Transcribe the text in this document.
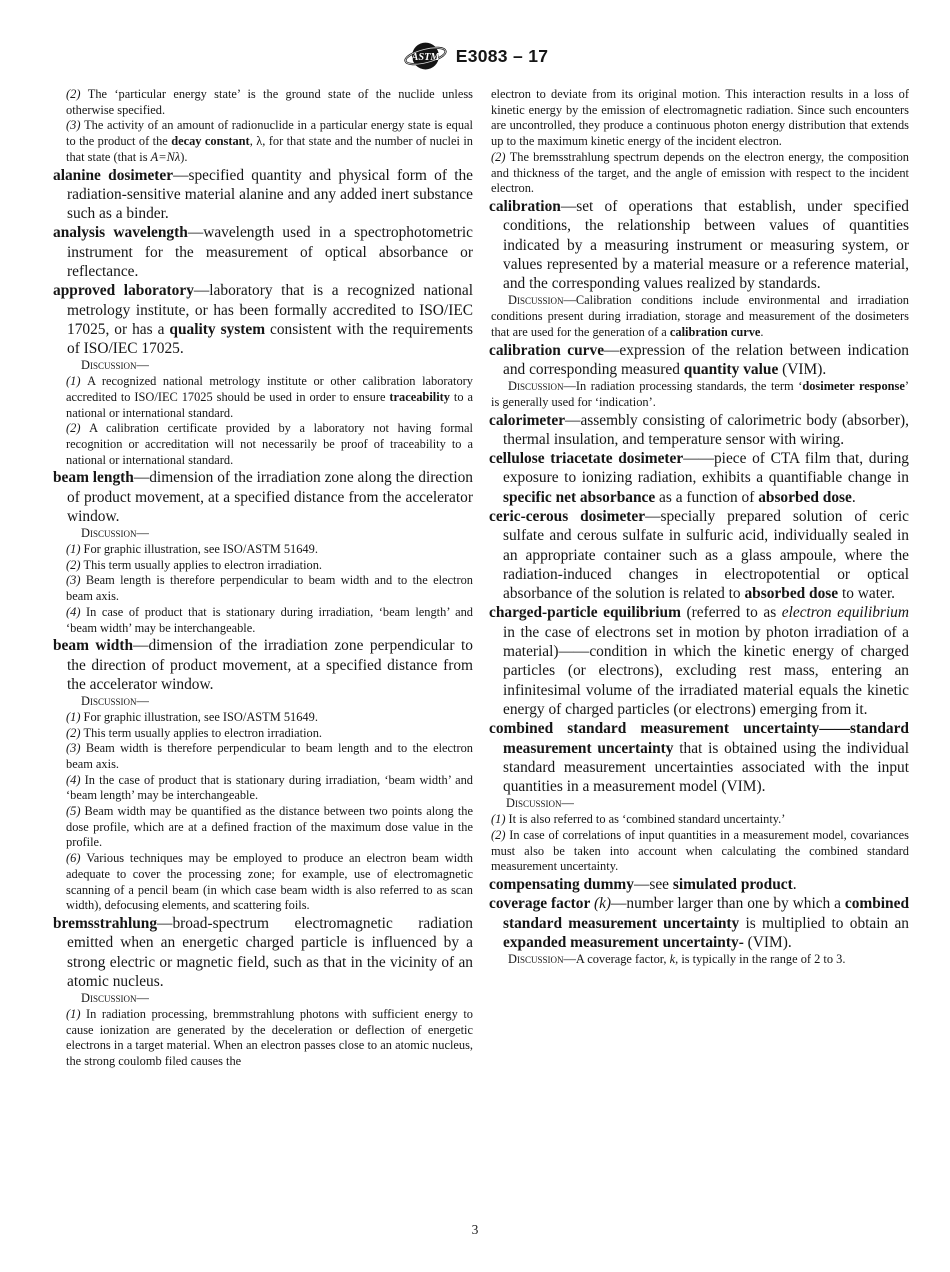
ASTM E3083 – 17

(2) The ‘particular energy state’ is the ground state of the nuclide unless otherwise specified.

(3) The activity of an amount of radionuclide in a particular energy state is equal to the product of the decay constant, λ, for that state and the number of nuclei in that state (that is A=Nλ).

alanine dosimeter—specified quantity and physical form of the radiation-sensitive material alanine and any added inert substance such as a binder.

analysis wavelength—wavelength used in a spectrophotometric instrument for the measurement of optical absorbance or reflectance.

approved laboratory—laboratory that is a recognized national metrology institute, or has been formally accredited to ISO/IEC 17025, or has a quality system consistent with the requirements of ISO/IEC 17025.

Discussion—

(1) A recognized national metrology institute or other calibration laboratory accredited to ISO/IEC 17025 should be used in order to ensure traceability to a national or international standard.

(2) A calibration certificate provided by a laboratory not having formal recognition or accreditation will not necessarily be proof of traceability to a national or international standard.

beam length—dimension of the irradiation zone along the direction of product movement, at a specified distance from the accelerator window.

Discussion—

(1) For graphic illustration, see ISO/ASTM 51649.

(2) This term usually applies to electron irradiation.

(3) Beam length is therefore perpendicular to beam width and to the electron beam axis.

(4) In case of product that is stationary during irradiation, ‘beam length’ and ‘beam width’ may be interchangeable.

beam width—dimension of the irradiation zone perpendicular to the direction of product movement, at a specified distance from the accelerator window.

Discussion—

(1) For graphic illustration, see ISO/ASTM 51649.

(2) This term usually applies to electron irradiation.

(3) Beam width is therefore perpendicular to beam length and to the electron beam axis.

(4) In the case of product that is stationary during irradiation, ‘beam width’ and ‘beam length’ may be interchangeable.

(5) Beam width may be quantified as the distance between two points along the dose profile, which are at a defined fraction of the maximum dose value in the profile.

(6) Various techniques may be employed to produce an electron beam width adequate to cover the processing zone; for example, use of electromagnetic scanning of a pencil beam (in which case beam width is also referred to as scan width), defocusing elements, and scattering foils.

bremsstrahlung—broad-spectrum electromagnetic radiation emitted when an energetic charged particle is influenced by a strong electric or magnetic field, such as that in the vicinity of an atomic nucleus.

Discussion—

(1) In radiation processing, bremmstrahlung photons with sufficient energy to cause ionization are generated by the deceleration or deflection of energetic electrons in a target material. When an electron passes close to an atomic nucleus, the strong coulomb filed causes the

electron to deviate from its original motion. This interaction results in a loss of kinetic energy by the emission of electromagnetic radiation. Since such encounters are uncontrolled, they produce a continuous photon energy distribution that extends up to the maximum kinetic energy of the incident electron.

(2) The bremsstrahlung spectrum depends on the electron energy, the composition and thickness of the target, and the angle of emission with respect to the incident electron.

calibration—set of operations that establish, under specified conditions, the relationship between values of quantities indicated by a measuring instrument or measuring system, or values represented by a material measure or a reference material, and the corresponding values realized by standards.

Discussion—Calibration conditions include environmental and irradiation conditions present during irradiation, storage and measurement of the dosimeters that are used for the generation of a calibration curve.

calibration curve—expression of the relation between indication and corresponding measured quantity value (VIM).

Discussion—In radiation processing standards, the term ‘dosimeter response’ is generally used for ‘indication’.

calorimeter—assembly consisting of calorimetric body (absorber), thermal insulation, and temperature sensor with wiring.

cellulose triacetate dosimeter——piece of CTA film that, during exposure to ionizing radiation, exhibits a quantifiable change in specific net absorbance as a function of absorbed dose.

ceric-cerous dosimeter—specially prepared solution of ceric sulfate and cerous sulfate in sulfuric acid, individually sealed in an appropriate container such as a glass ampoule, where the radiation-induced changes in electropotential or optical absorbance of the solution is related to absorbed dose to water.

charged-particle equilibrium (referred to as electron equilibrium in the case of electrons set in motion by photon irradiation of a material)——condition in which the kinetic energy of charged particles (or electrons), excluding rest mass, entering an infinitesimal volume of the irradiated material equals the kinetic energy of charged particles (or electrons) emerging from it.

combined standard measurement uncertainty——standard measurement uncertainty that is obtained using the individual standard measurement uncertainties associated with the input quantities in a measurement model (VIM).

Discussion—

(1) It is also referred to as ‘combined standard uncertainty.’

(2) In case of correlations of input quantities in a measurement model, covariances must also be taken into account when calculating the combined standard measurement uncertainty.

compensating dummy—see simulated product.

coverage factor (k)—number larger than one by which a combined standard measurement uncertainty is multiplied to obtain an expanded measurement uncertainty- (VIM).

Discussion—A coverage factor, k, is typically in the range of 2 to 3.

3
